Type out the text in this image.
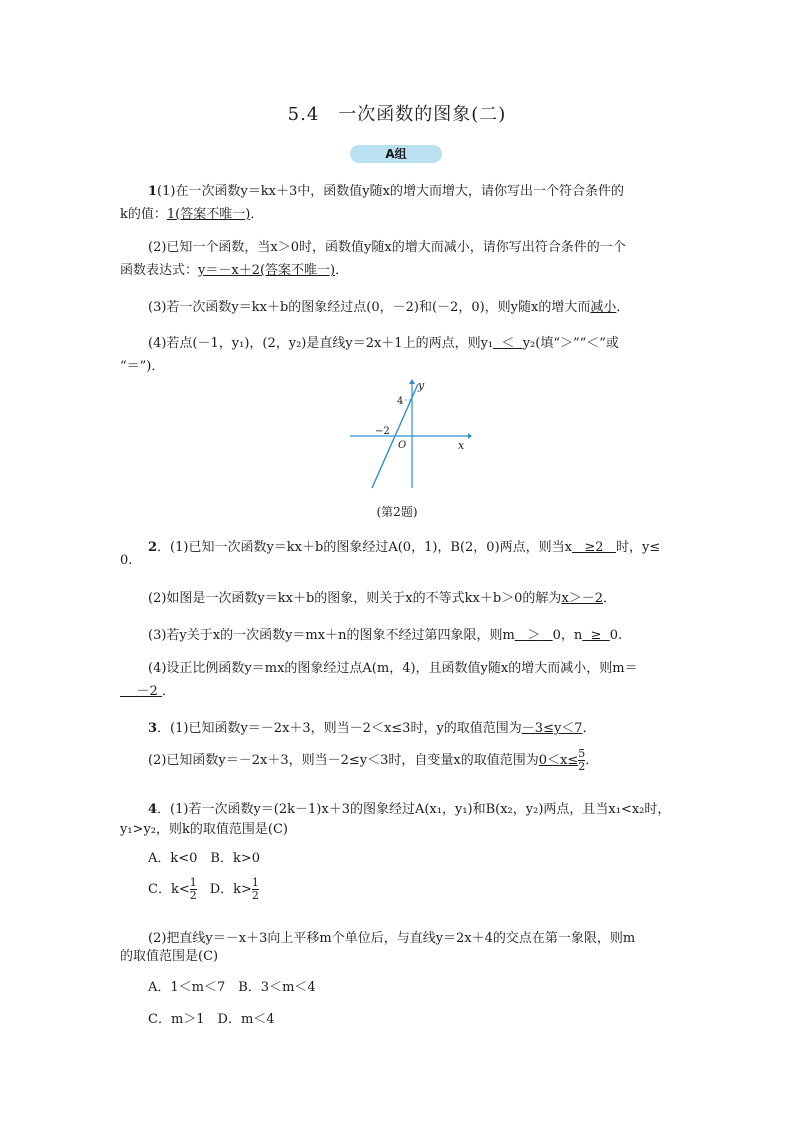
5.4　一次函数的图象(二)
A组
1(1)在一次函数y＝kx＋3中，函数值y随x的增大而增大，请你写出一个符合条件的
k的值：1(答案不唯一)．
(2)已知一个函数，当x＞0时，函数值y随x的增大而减小，请你写出符合条件的一个
函数表达式：y＝－x＋2(答案不唯一)．
(3)若一次函数y＝kx＋b的图象经过点(0，－2)和(－2，0)，则y随x的增大而减小．
(4)若点(－1，y₁)，(2，y₂)是直线y＝2x＋1上的两点，则y₁ ＜ y₂(填“＞”“＜”或
“＝”)．
y
x
O
4
−2
(第2题)
2．(1)已知一次函数y＝kx＋b的图象经过A(0，1)，B(2，0)两点，则当x ≥2 时，y≤
0.
(2)如图是一次函数y＝kx＋b的图象，则关于x的不等式kx＋b＞0的解为x＞－2．
(3)若y关于x的一次函数y＝mx＋n的图象不经过第四象限，则m ＞ 0，n ≥ 0.
(4)设正比例函数y＝mx的图象经过点A(m，4)，且函数值y随x的增大而减小，则m＝
－2 ．
3．(1)已知函数y＝－2x＋3，则当－2＜x≤3时，y的取值范围为－3≤y＜7．
(2)已知函数y＝－2x＋3，则当－2≤y＜3时，自变量x的取值范围为$0<x\le \frac{5}{2}$ ．
4．(1)若一次函数y＝(2k－1)x＋3的图象经过A(x₁，y₁)和B(x₂，y₂)两点，且当x₁<x₂时，
y₁>y₂，则k的取值范围是(C)
A．k<0　B．k>0
C．$k< \frac{1}{2}$ 　D．$k> \frac{1}{2}$
(2)把直线y＝－x＋3向上平移m个单位后，与直线y＝2x＋4的交点在第一象限，则m
的取值范围是(C)
A．1＜m＜7　B．3＜m＜4
C．m＞1　D．m＜4
